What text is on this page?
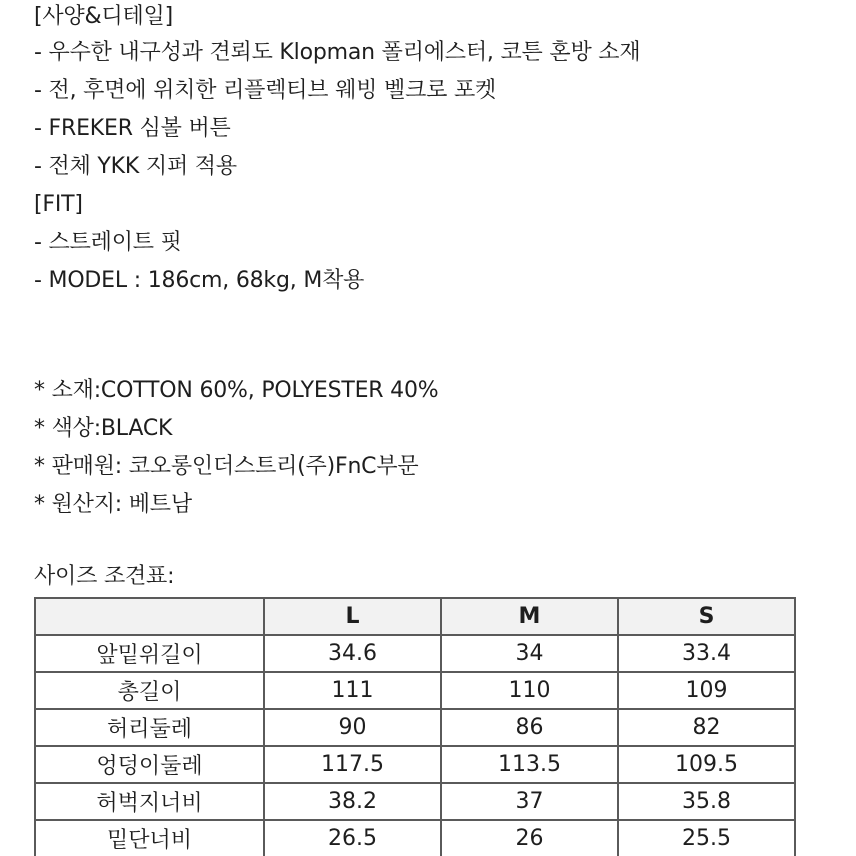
[사양&디테일]
- 우수한 내구성과 견뢰도 Klopman 폴리에스터, 코튼 혼방 소재
- 전, 후면에 위치한 리플렉티브 웨빙 벨크로 포켓
- FREKER 심볼 버튼
- 전체 YKK 지퍼 적용
[FIT]
- 스트레이트 핏
- MODEL : 186cm, 68kg, M착용
* 소재:COTTON 60%, POLYESTER 40%
* 색상:BLACK
* 판매원: 코오롱인더스트리(주)FnC부문
* 원산지: 베트남
사이즈 조견표:
	L	M	S
앞밑위길이	34.6	34	33.4
총길이	111	110	109
허리둘레	90	86	82
엉덩이둘레	117.5	113.5	109.5
허벅지너비	38.2	37	35.8
밑단너비	26.5	26	25.5
